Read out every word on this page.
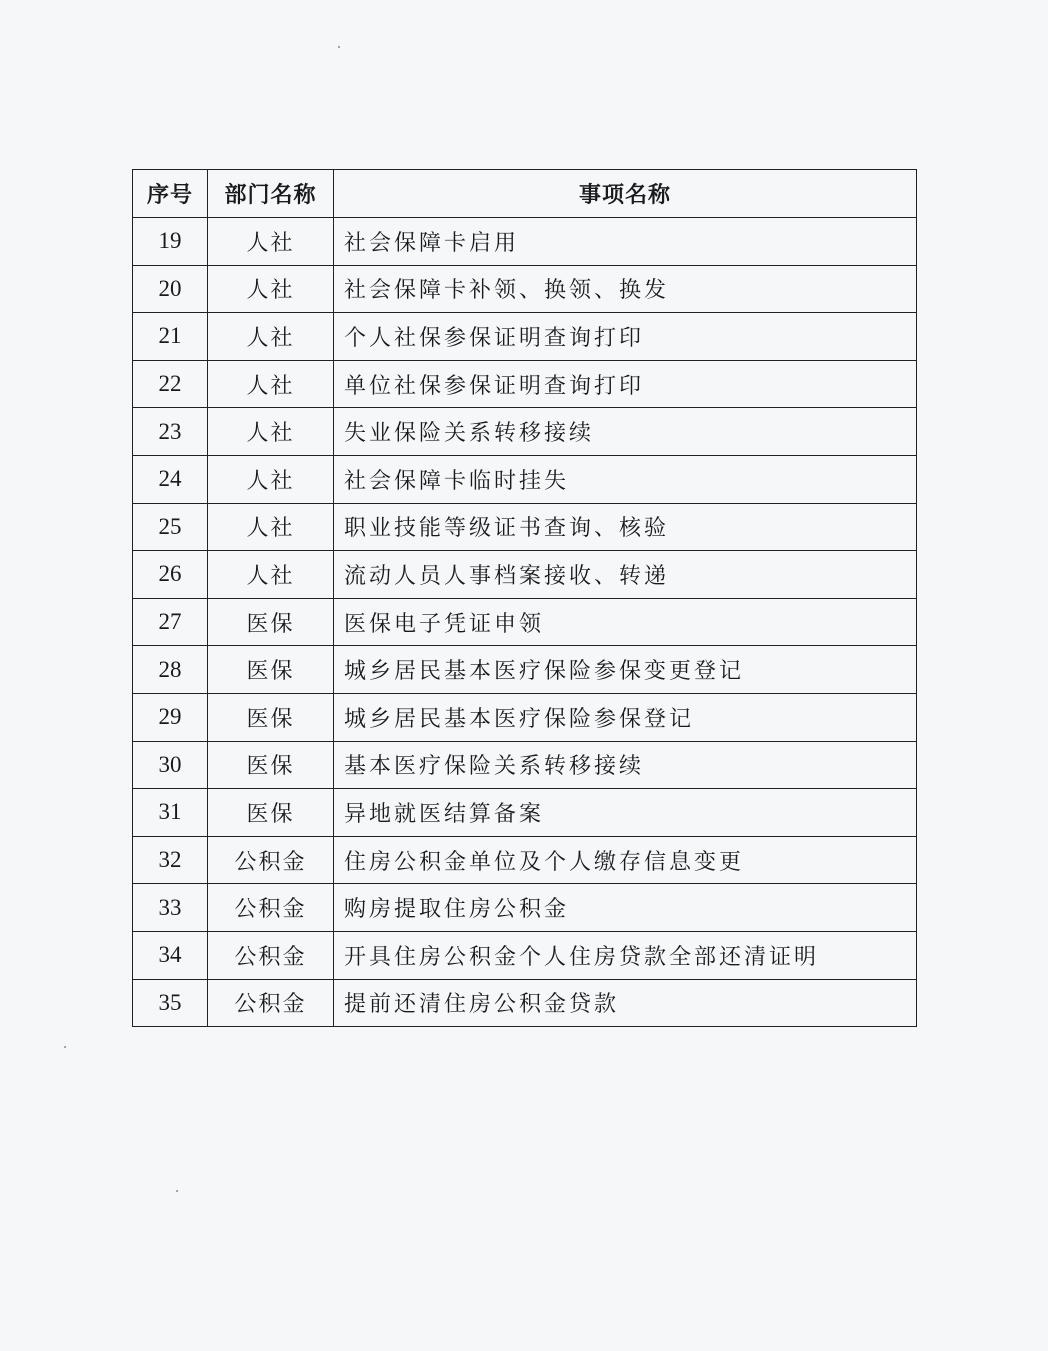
序号	部门名称	事项名称
19	人社	社会保障卡启用
20	人社	社会保障卡补领、换领、换发
21	人社	个人社保参保证明查询打印
22	人社	单位社保参保证明查询打印
23	人社	失业保险关系转移接续
24	人社	社会保障卡临时挂失
25	人社	职业技能等级证书查询、核验
26	人社	流动人员人事档案接收、转递
27	医保	医保电子凭证申领
28	医保	城乡居民基本医疗保险参保变更登记
29	医保	城乡居民基本医疗保险参保登记
30	医保	基本医疗保险关系转移接续
31	医保	异地就医结算备案
32	公积金	住房公积金单位及个人缴存信息变更
33	公积金	购房提取住房公积金
34	公积金	开具住房公积金个人住房贷款全部还清证明
35	公积金	提前还清住房公积金贷款
